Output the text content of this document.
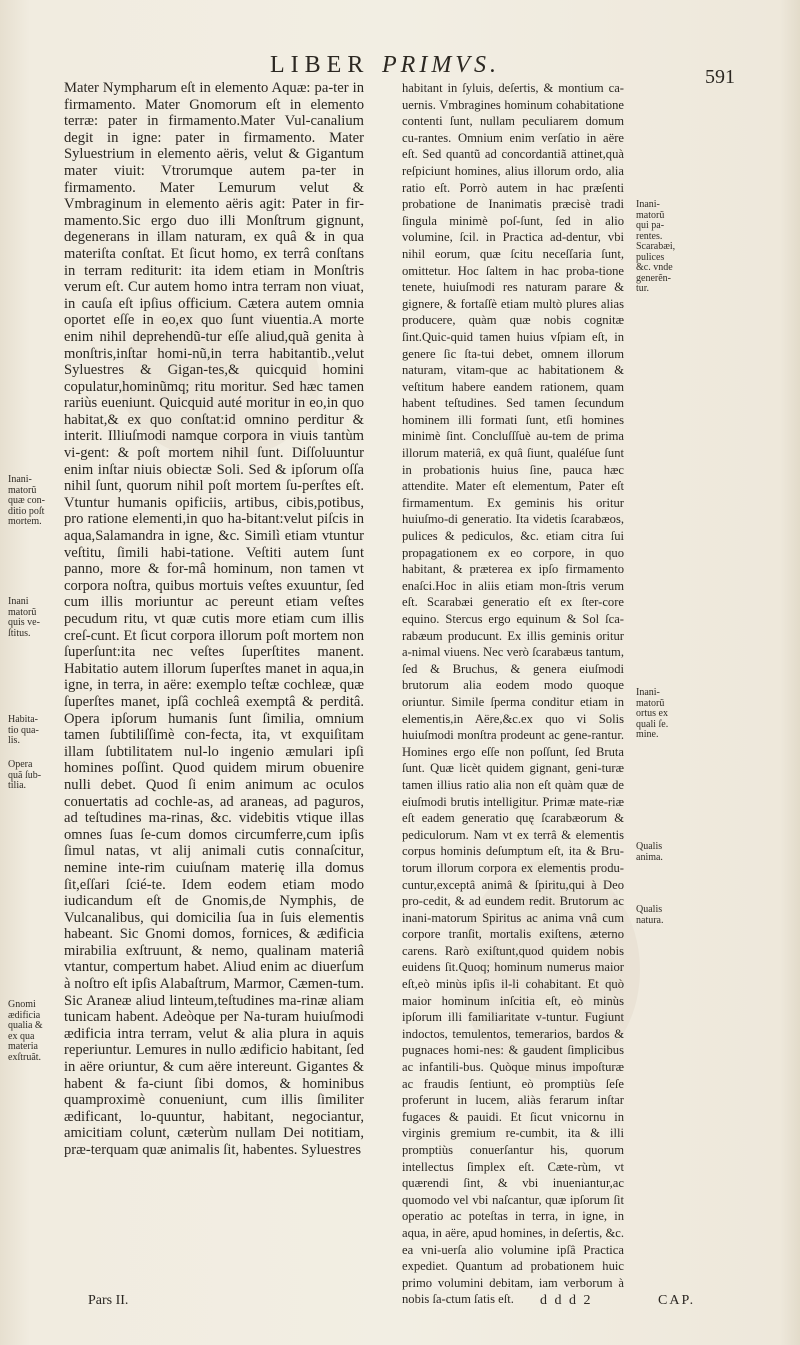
LIBER PRIMVS.	591
Inani-
matorũ
quæ con-
ditio poſt
mortem.
Inani
matorũ
quis ve-
ſtitus.
Habita-
tio qua-
lis.
Opera
quã ſub-
tilia.
Gnomi
ædificia
qualia &
ex qua
materia
exſtruãt.

Mater Nympharum eſt in elemento Aquæ: pa-ter in firmamento. Mater Gnomorum eſt in elemento terræ: pater in firmamento.Mater Vul-canalium degit in igne: pater in firmamento. Mater Syluestrium in elemento aëris, velut & Gigantum mater viuit: Vtrorumque autem pa-ter in firmamento. Mater Lemurum velut & Vmbraginum in elemento aëris agit: Pater in fir-mamento.Sic ergo duo illi Monſtrum gignunt, degenerans in illam naturam, ex quâ & in qua materiſta conſtat. Et ſicut homo, ex terrâ conſtans in terram rediturit: ita idem etiam in Monſtris verum eſt. Cur autem homo intra terram non viuat, in cauſa eſt ipſius officium. Cætera autem omnia oportet eſſe in eo,ex quo ſunt viuentia.A morte enim nihil deprehendũ-tur eſſe aliud,quã genita à monſtris,inſtar homi-nũ,in terra habitantib.,velut Syluestres & Gigan-tes,& quicquid homini copulatur,hominũmq; ritu moritur. Sed hæc tamen rariùs eueniunt. Quicquid auté moritur in eo,in quo habitat,& ex quo conſtat:id omnino perditur & interit. Illiuſmodi namque corpora in viuis tantùm vi-gent: & poſt mortem nihil ſunt. Diſſoluuntur enim inſtar niuis obiectæ Soli. Sed & ipſorum oſſa nihil ſunt, quorum nihil poſt mortem ſu-perſtes eſt. Vtuntur humanis opificiis, artibus, cibis,potibus, pro ratione elementi,in quo ha-bitant:velut piſcis in aqua,Salamandra in igne, &c. Similì etiam vtuntur veſtitu, ſimili habi-tatione. Veſtiti autem ſunt panno, more & for-mâ hominum, non tamen vt corpora noſtra, quibus mortuis veſtes exuuntur, ſed cum illis moriuntur ac pereunt etiam veſtes pecudum ritu, vt quæ cutis more etiam cum illis creſ-cunt. Et ſicut corpora illorum poſt mortem non ſuperſunt:ita nec veſtes ſuperſtites manent. Habitatio autem illorum ſuperſtes manet in aqua,in igne, in terra, in aëre: exemplo teſtæ cochleæ, quæ ſuperſtes manet, ipſâ cochleâ exemptâ & perditâ. Opera ipſorum humanis ſunt ſimilia, omnium tamen ſubtiliſſimè con-fecta, ita, vt exquiſitam illam ſubtilitatem nul-lo ingenio æmulari ipſi homines poſſint. Quod quidem mirum obuenire nulli debet. Quod ſi enim animum ac oculos conuertatis ad cochle-as, ad araneas, ad paguros, ad teſtudines ma-rinas, &c. videbitis vtique illas omnes ſuas ſe-cum domos circumferre,cum ipſis ſimul natas, vt alij animali cutis connaſcitur, nemine inte-rim cuiuſnam materię illa domus ſit,eſſari ſcié-te. Idem eodem etiam modo iudicandum eſt de Gnomis,de Nymphis, de Vulcanalibus, qui domicilia ſua in ſuis elementis habeant. Sic Gnomi domos, fornices, & ædificia mirabilia exſtruunt, & nemo, qualinam materiâ vtantur, compertum habet. Aliud enim ac diuerſum à noſtro eſt ipſis Alabaſtrum, Marmor, Cæmen-tum. Sic Araneæ aliud linteum,teſtudines ma-rinæ aliam tunicam habent. Adeòque per Na-turam huiuſmodi ædificia intra terram, velut & alia plura in aquis reperiuntur. Lemures in nullo ædificio habitant, ſed in aëre oriuntur, & cum aëre intereunt. Gigantes & habent & fa-ciunt ſibi domos, & hominibus quamproximè conueniunt, cum illis ſimiliter ædificant, lo-quuntur, habitant, negociantur, amicitiam colunt, cæterùm nullam Dei notitiam, præ-terquam quæ animalis ſit, habentes. Syluestres

habitant in ſyluis, deſertis, & montium ca-uernis. Vmbragines hominum cohabitatione contenti ſunt, nullam peculiarem domum cu-rantes. Omnium enim verſatio in aëre eſt. Sed quantũ ad concordantiã attinet,quà reſpiciunt homines, alius illorum ordo, alia ratio eſt. Porrò autem in hac præſenti probatione de Inanimatis præcisè tradi ſingula minimè poſ-ſunt, ſed in alio volumine, ſcil. in Practica ad-dentur, vbi nihil eorum, quæ ſcitu neceſſaria ſunt, omittetur. Hoc ſaltem in hac proba-tione tenete, huiuſmodi res naturam parare & gignere, & fortaſſè etiam multò plures alias producere, quàm quæ nobis cognitæ ſint.Quic-quid tamen huius vſpiam eſt, in genere ſic ſta-tui debet, omnem illorum naturam, vitam-que ac habitationem & veſtitum habere eandem rationem, quam habent teſtudines. Sed tamen ſecundum hominem illi formati ſunt, etſi homines minimè ſint. Concluſſſuè au-tem de prima illorum materiâ, ex quâ ſiunt, qualéſue ſunt in probationis huius ſine, pauca hæc attendite. Mater eſt elementum, Pater eſt firmamentum. Ex geminis his oritur huiuſmo-di generatio. Ita videtis ſcarabæos, pulices & pediculos, &c. etiam citra ſui propagationem ex eo corpore, in quo habitant, & præterea ex ipſo firmamento enaſci.Hoc in aliis etiam mon-ſtris verum eſt. Scarabæi generatio eſt ex ſter-core equino. Stercus ergo equinum & Sol ſca-rabæum producunt. Ex illis geminis oritur a-nimal viuens. Nec verò ſcarabæus tantum, ſed & Bruchus, & genera eiuſmodi brutorum alia eodem modo quoque oriuntur. Simile ſperma conditur etiam in elementis,in Aëre,&c.ex quo vi Solis huiuſmodi monſtra prodeunt ac gene-rantur. Homines ergo eſſe non poſſunt, ſed Bruta ſunt. Quæ licèt quidem gignant, geni-turæ tamen illius ratio alia non eſt quàm quæ de eiuſmodi brutis intelligitur. Primæ mate-riæ eſt eadem generatio quę ſcarabæorum & pediculorum. Nam vt ex terrâ & elementis corpus hominis deſumptum eſt, ita & Bru-torum illorum corpora ex elementis produ-cuntur,exceptâ animâ & ſpiritu,qui à Deo pro-cedit, & ad eundem redit. Brutorum ac inani-matorum Spiritus ac anima vnâ cum corpore tranſit, mortalis exiſtens, æterno carens. Rarò exiſtunt,quod quidem nobis euidens ſit.Quoq; hominum numerus maior eſt,eò minùs ipſis il-li cohabitant. Et quò maior hominum inſcitia eſt, eò minùs ipſorum illi familiaritate v-tuntur. Fugiunt indoctos, temulentos, temerarios, bardos & pugnaces homi-nes: & gaudent ſimplicibus ac infantili-bus. Quòque minus impoſturæ ac fraudis ſentiunt, eò promptiùs ſeſe proferunt in lucem, aliàs ferarum inſtar fugaces & pauidi. Et ſicut vnicornu in virginis gremium re-cumbit, ita & illi promptiùs conuerſantur his, quorum intellectus ſimplex eſt. Cæte-rùm, vt quærendi ſint, & vbi inueniantur,ac quomodo vel vbi naſcantur, quæ ipſorum ſit operatio ac poteſtas in terra, in igne, in aqua, in aëre, apud homines, in deſertis, &c. ea vni-uerſa alio volumine ipſâ Practica expediet. Quantum ad probationem huic primo volumini debitam, iam verborum à nobis ſa-ctum ſatis eſt.

Inani-
matorũ
qui pa-
rentes.
Scarabæi,
pulices
&c. vnde
generẽn-
tur.
Inani-
matorũ
ortus ex
quali ſe.
mine.
Qualis
anima.
Qualis
natura.
Pars II.	d d d 2	CAP.
